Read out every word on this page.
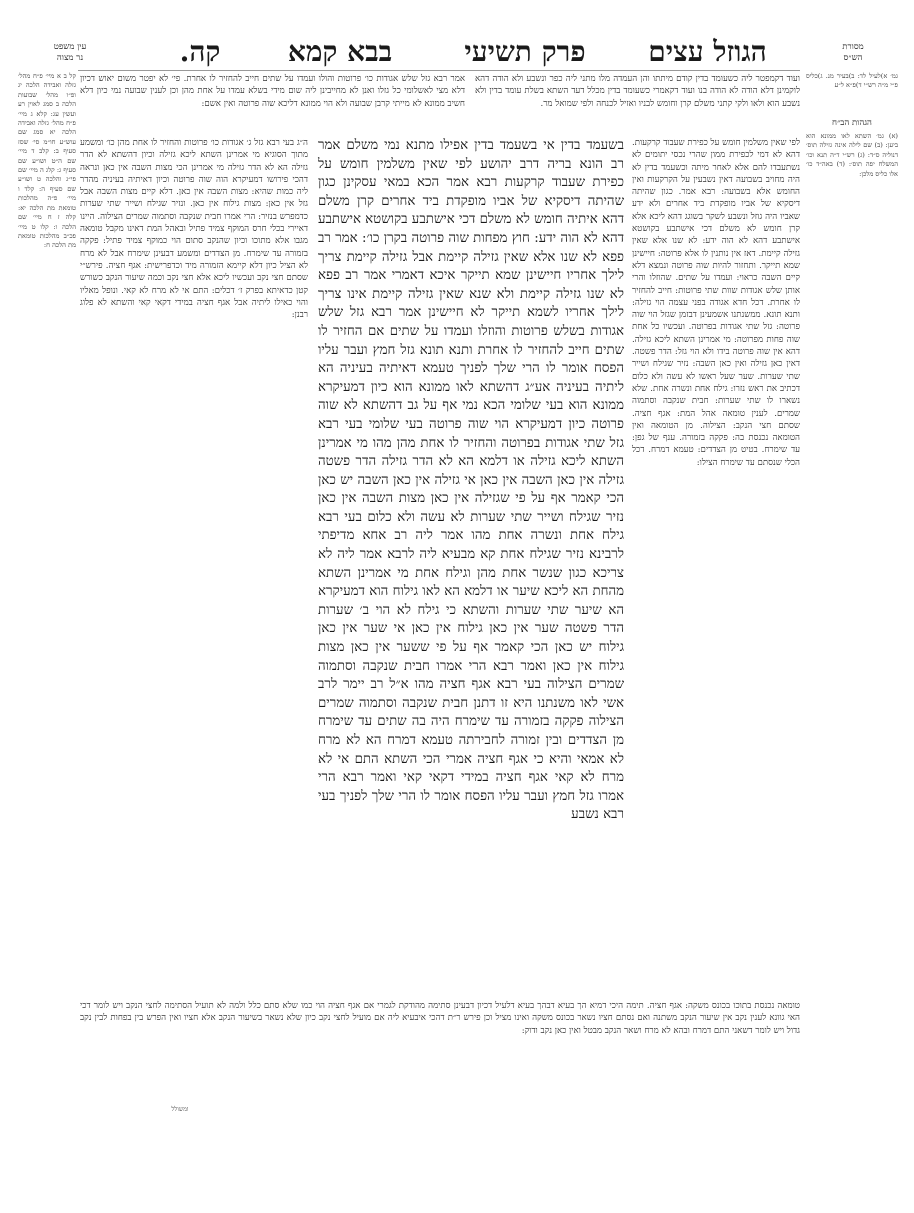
מסורת
הש״ס
הגוזל עצים
פרק תשיעי
בבא קמא
קה.
עין משפט
נר מצוה

קל ב א מיי׳ פ״ח מהל׳ גזלה ואבידה הלכה יג ופ״ו מהל׳ שבועות הלכה ב סמג לאוין רע ועשין עג: קלא ג מיי׳ פ״ח מהל׳ גזלה ואבידה הלכה יא סמג שם עוש״ע חו״מ סי׳ שסז סעיף ב: קלב ד מיי׳ שם ה״ט ושו״ע שם סעיף ג: קלג ה מיי׳ שם פי״ג והלכה ט ושו״ע שם סעיף ה: קלד ו מיי׳ פ״ה מהלכות טומאת מת הלכה יא: קלה ז ח מיי׳ שם הלכה ו: קלו ט מיי׳ פכ״ב מהלכות טומאת מת הלכה ח:

גמ׳ א)לעיל לד: ב)בעיר מנ. ג)כליס פ״י מ״ה רש״י ד)פ״א ל״ע

הגהות הב״ח

(א) גמ׳ השתא לאו ממונא הוא ביען: (ב) שם לילה אינה גזילה תוס׳ דנוליה ס״ד: (ג) רש״י ד״ה תנא וכו׳ המשלח יפה תוס׳: (ד) באה״ד כו׳ אלו כליס מלכן:

ועוד דקמפטר ליה כשעומד בדין קודם מיתתו והן העמדה מלו מתני ליה כפר ונשבע ולא הודה דהא לוקמינן דלא הודה לא הודה בנו ועוד דקאמרי כשעומד בדין מכלל דעד השתא בשלת עומד בדין ולא נשבע הוא ולאו ולקי קתני משלם קרן וחומש לבניו ואזיל לכנחה ולפי שמואל מר.

אמר רבא גזל שלש אגודות כו׳ פרוטות והולו ועמדו על שתים חייב להחזיר לו אחרת. פי׳ לא יפטר משום יאוש דכיון דלא מצי לאשלומי כל גזלו ואנן לא מחייבינן ליה שום מידי בשלא עמדו על אחת מהן וכן לענין שבועה נמי כיון דלא חשיב ממונא לא מייתי קרבן שבועה ולא הוי ממונא דליכא שוה פרוטה ואין אשם:

לפי שאין משלמין חומש על כפירת שעבוד קרקעות. דהא לא דמי לכפירת ממון שהרי נכסי יתומים לא נשתעבדו להם אלא לאחר מיתה וכשעמד בדין לא היה מחויב בשבועה דאין נשבעין על הקרקעות ואין החומש אלא בשבועה: רבא אמר. כגון שהיתה דיסקיא של אביו מופקדת ביד אחרים ולא ידע שאביו היה גוזל ונשבע לשקר בשוגג דהא ליכא אלא קרן חומש לא משלם דכי אישתבע בקושטא אישתבע דהא לא הוה ידע: לא שנו אלא שאין גזילה קיימת. דאז אין נותנין לו אלא פרוטה: חיישינן שמא תייקר. ותחזור להיות שוה פרוטה ונמצא דלא קיים השבה כראוי: ועמדו על שתים. שהוזלו והרי אותן שלש אגודות שוות שתי פרוטות: חייב להחזיר לו אחרת. דכל חדא אגודה בפני עצמה הוי גזילה: ותנא תונא. ממשנתנו אשמעינן דבזמן שגזל הוי שוה פרוטה: גזל שתי אגודות בפרוטה. ועכשיו כל אחת שוה פחות מפרוטה: מי אמרינן השתא ליכא גזילה. דהא אין שוה פרוטה בידו ולא הוי גזל: הדר פשטה. דאין כאן גזילה ואין כאן השבה: נזיר שגילח ושייר שתי שערות. שער שעל ראשו לא עשה ולא כלום דכתיב את ראש נזרו: גילח אחת ונשרה אחת. שלא נשארו לו שתי שערות: חבית שנקבה וסתמוה שמרים. לענין טומאה אהל המת: אגף חציה. שסתם חצי הנקב: הצילוה. מן הטומאה ואין הטומאה נכנסת בה: פקקה בזמורה. ענף של גפן: עד שימרח. בטיט מן הצדדים: טעמא דמרח. דכל הכלי שנסתם עד שימרח הצילו:

בשעמד בדין אי בשעמד בדין אפילו מתנא נמי משלם אמר רב הונא בריה דרב יהושע לפי שאין משלמין חומש על כפירת שעבוד קרקעות רבא אמר הכא במאי עסקינן כגון שהיתה דיסקיא של אביו מופקדת ביד אחרים קרן משלם דהא איתיה חומש לא משלם דכי אישתבע בקושטא אישתבע דהא לא הוה ידע: חוץ מפחות שוה פרוטה בקרן כו׳: אמר רב פפא לא שנו אלא שאין גזילה קיימת אבל גזילה קיימת צריך לילך אחריו חיישינן שמא תייקר איכא דאמרי אמר רב פפא לא שנו גזילה קיימת ולא שנא שאין גזילה קיימת אינו צריך לילך אחריו לשמא תייקר לא חיישינן אמר רבא גזל שלש אגודות בשלש פרוטות והוזלו ועמדו על שתים אם החזיר לו שתים חייב להחזיר לו אחרת ותנא תונא גזל חמץ ועבר עליו הפסח אומר לו הרי שלך לפניך טעמא דאיתיה בעיניה הא ליתיה בעיניה אע״ג דהשתא לאו ממונא הוא כיון דמעיקרא ממונא הוא בעי שלומי הכא נמי אף על גב דהשתא לא שוה פרוטה כיון דמעיקרא הוי שוה פרוטה בעי שלומי בעי רבא גזל שתי אגודות בפרוטה והחזיר לו אחת מהן מהו מי אמרינן השתא ליכא גזילה או דלמא הא לא הדר גזילה הדר פשטה גזילה אין כאן השבה אין כאן אי גזילה אין כאן השבה יש כאן הכי קאמר אף על פי שגזילה אין כאן מצות השבה אין כאן נזיר שגילח ושייר שתי שערות לא עשה ולא כלום בעי רבא גילח אחת ונשרה אחת מהו אמר ליה רב אחא מדיפתי לרבינא נזיר שגילח אחת קא מבעיא ליה לרבא אמר ליה לא צריכא כגון שנשר אחת מהן וגילח אחת מי אמרינן השתא מהחת הא ליכא שיער או דלמא הא לאו גילוח הוא דמעיקרא הא שיער שתי שערות והשתא כי גילח לא הוי ב׳ שערות הדר פשטה שער אין כאן גילוח אין כאן אי שער אין כאן גילוח יש כאן הכי קאמר אף על פי ששער אין כאן מצות גילוח אין כאן ואמר רבא הרי אמרו חבית שנקבה וסתמוה שמרים הצילוה בעי רבא אגף חציה מהו א״ל רב יימר לרב אשי לאו משנתנו היא זו דתנן חבית שנקבה וסתמוה שמרים הצילוה פקקה בזמורה עד שימרח היה בה שתים עד שימרח מן הצדדים ובין זמורה לחבירתה טעמא דמרח הא לא מרח לא אמאי והיא כי אגף חציה אמרי הכי השתא התם אי לא מרח לא קאי אגף חציה במידי דקאי קאי ואמר רבא הרי אמרו גזל חמץ ועבר עליו הפסח אומר לו הרי שלך לפניך בעי רבא נשבע

ה״ג בעי רבא גזל ג׳ אגודות כו׳ פרוטות והחזיר לו אחת מהן כו׳ ומשמע מתוך הסוגיא מי אמרינן השתא ליכא גזילה וכיון דהשתא לא הדר גזילה הא לא הדר גזילה מי אמרינן הכי מצות השבה אין כאן ונראה דהכי פירושו דמעיקרא הוה שוה פרוטה וכיון דאיתיה בעיניה מהדר ליה כמות שהיא: מצות השבה אין כאן. דלא קיים מצות השבה אבל גזל אין כאן: מצות גילוח אין כאן. ונזיר שגילח ושייר שתי שערות כדמפרש בנזיר: הרי אמרו חבית שנקבה וסתמוה שמרים הצילוה. היינו דאיירי בכלי חרס המוקף צמיד פתיל ובאהל המת דאינו מקבל טומאה מגבו אלא מתוכו וכיון שהנקב סתום הוי כמוקף צמיד פתיל: פקקה בזמורה עד שימרח. מן הצדדים ומשמע דבעינן שימרח אבל לא מרח לא הציל כיון דלא קיימא הזמורה מיד וכדפרישית: אגף חציה. פירש״י שסתם חצי נקב ועכשיו ליכא אלא חצי נקב וכמה שיעור הנקב כשורש קטן כדאיתא בפרק ז׳ דכלים: התם אי לא מרח לא קאי. ונופל מאליו והוי כאילו ליתיה אבל אגף חציה במידי דקאי קאי והשתא לא פלוג רבנן:

טומאה נכנסת בתוכו בכונס משקה: אגף חציה. תימה היכי דמיא הך בעיא דבהך בעיא דלעיל דכיון דבעינן סתימה מהודקת לגמרי אם אגף חציה הוי כמו שלא סתם כלל ולמה לא תועיל הסתימה לחצי הנקב ויש לומר דכי האי גוונא לענין נקב אין שיעור הנקב משתנה ואם נסתם חציו נשאר בכונס משקה ואינו מציל וכן פירש ר״ת דהכי איבעיא ליה אם מועיל לחצי נקב כיון שלא נשאר בשיעור הנקב אלא חציו ואין הפרש בין בפחות לבין נקב גדול ויש לומר דשאני התם דמרח ובהא לא מרח ושאר הנקב מבטל ואין כאן נקב ודוק:

ומשולל
